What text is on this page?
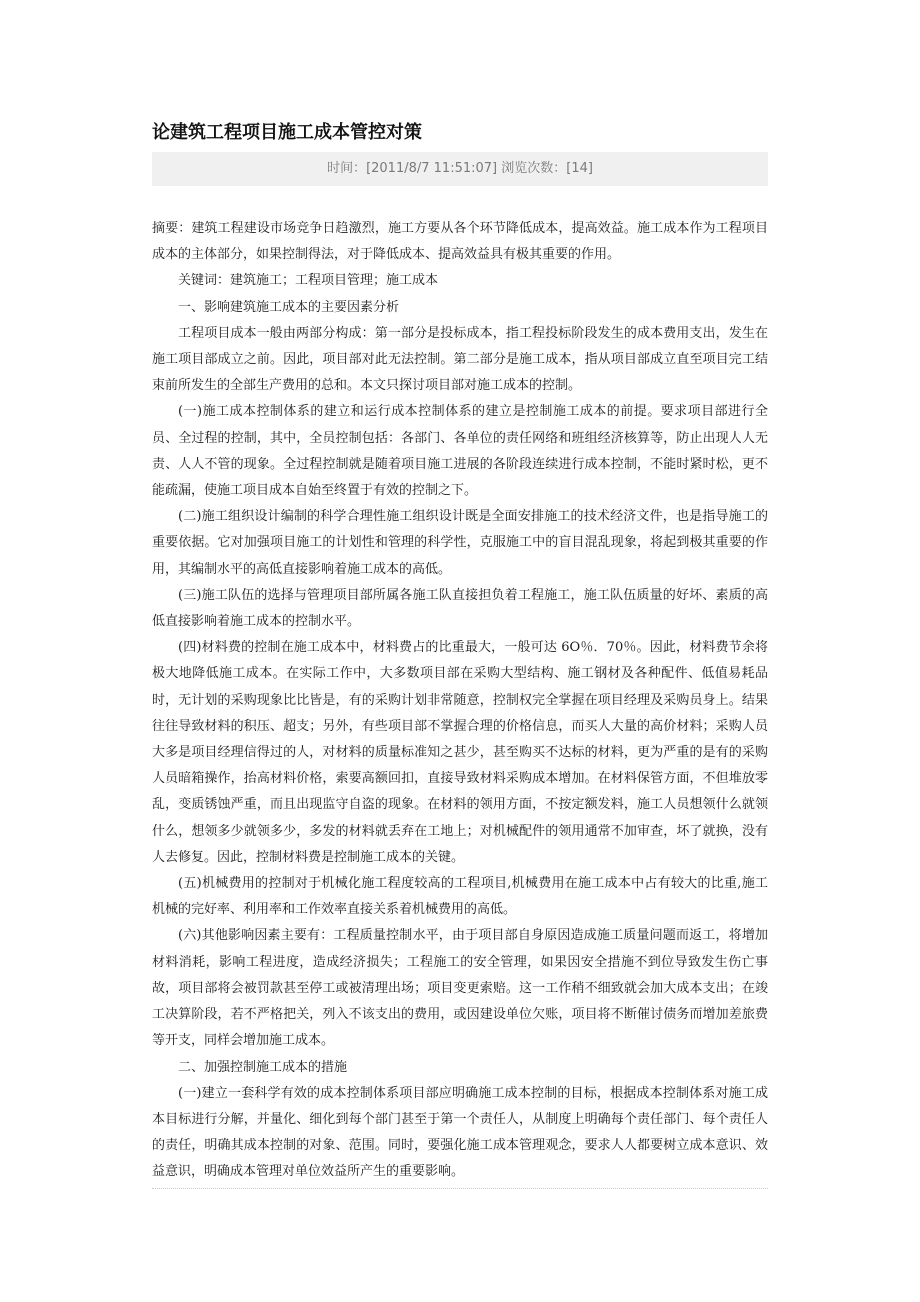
论建筑工程项目施工成本管控对策
时间：[2011/8/7 11:51:07] 浏览次数：[14]

摘要：建筑工程建设市场竞争日趋激烈，施工方要从各个环节降低成本，提高效益。施工成本作为工程项目成本的主体部分，如果控制得法，对于降低成本、提高效益具有极其重要的作用。

关键词：建筑施工；工程项目管理；施工成本

一、影响建筑施工成本的主要因素分析

工程项目成本一般由两部分构成：第一部分是投标成本，指工程投标阶段发生的成本费用支出，发生在施工项目部成立之前。因此，项目部对此无法控制。第二部分是施工成本，指从项目部成立直至项目完工结束前所发生的全部生产费用的总和。本文只探讨项目部对施工成本的控制。

(一)施工成本控制体系的建立和运行成本控制体系的建立是控制施工成本的前提。要求项目部进行全员、全过程的控制，其中，全员控制包括：各部门、各单位的责任网络和班组经济核算等，防止出现人人无责、人人不管的现象。全过程控制就是随着项目施工进展的各阶段连续进行成本控制，不能时紧时松，更不能疏漏，使施工项目成本自始至终置于有效的控制之下。

(二)施工组织设计编制的科学合理性施工组织设计既是全面安排施工的技术经济文件，也是指导施工的重要依据。它对加强项目施工的计划性和管理的科学性，克服施工中的盲目混乱现象，将起到极其重要的作用，其编制水平的高低直接影响着施工成本的高低。

(三)施工队伍的选择与管理项目部所属各施工队直接担负着工程施工，施工队伍质量的好坏、素质的高低直接影响着施工成本的控制水平。

(四)材料费的控制在施工成本中，材料费占的比重最大，一般可达 6O％．70％。因此，材料费节余将极大地降低施工成本。在实际工作中，大多数项目部在采购大型结构、施工钢材及各种配件、低值易耗品时，无计划的采购现象比比皆是，有的采购计划非常随意，控制权完全掌握在项目经理及采购员身上。结果往往导致材料的积压、超支；另外，有些项目部不掌握合理的价格信息，而买人大量的高价材料；采购人员大多是项目经理信得过的人，对材料的质量标准知之甚少，甚至购买不达标的材料，更为严重的是有的采购人员暗箱操作，抬高材料价格，索要高额回扣，直接导致材料采购成本增加。在材料保管方面，不但堆放零乱，变质锈蚀严重，而且出现监守自盗的现象。在材料的领用方面，不按定额发料，施工人员想领什么就领什么，想领多少就领多少，多发的材料就丢弃在工地上；对机械配件的领用通常不加审查，坏了就换，没有人去修复。因此，控制材料费是控制施工成本的关键。

(五)机械费用的控制对于机械化施工程度较高的工程项目,机械费用在施工成本中占有较大的比重,施工机械的完好率、利用率和工作效率直接关系着机械费用的高低。

(六)其他影响因素主要有：工程质量控制水平，由于项目部自身原因造成施工质量问题而返工，将增加材料消耗，影响工程进度，造成经济损失；工程施工的安全管理，如果因安全措施不到位导致发生伤亡事故，项目部将会被罚款甚至停工或被清理出场；项目变更索赔。这一工作稍不细致就会加大成本支出；在竣工决算阶段，若不严格把关，列入不该支出的费用，或因建设单位欠账，项目将不断催讨债务而增加差旅费等开支，同样会增加施工成本。

二、加强控制施工成本的措施

(一)建立一套科学有效的成本控制体系项目部应明确施工成本控制的目标，根据成本控制体系对施工成本目标进行分解，并量化、细化到每个部门甚至于第一个责任人，从制度上明确每个责任部门、每个责任人的责任，明确其成本控制的对象、范围。同时，要强化施工成本管理观念，要求人人都要树立成本意识、效益意识，明确成本管理对单位效益所产生的重要影响。
